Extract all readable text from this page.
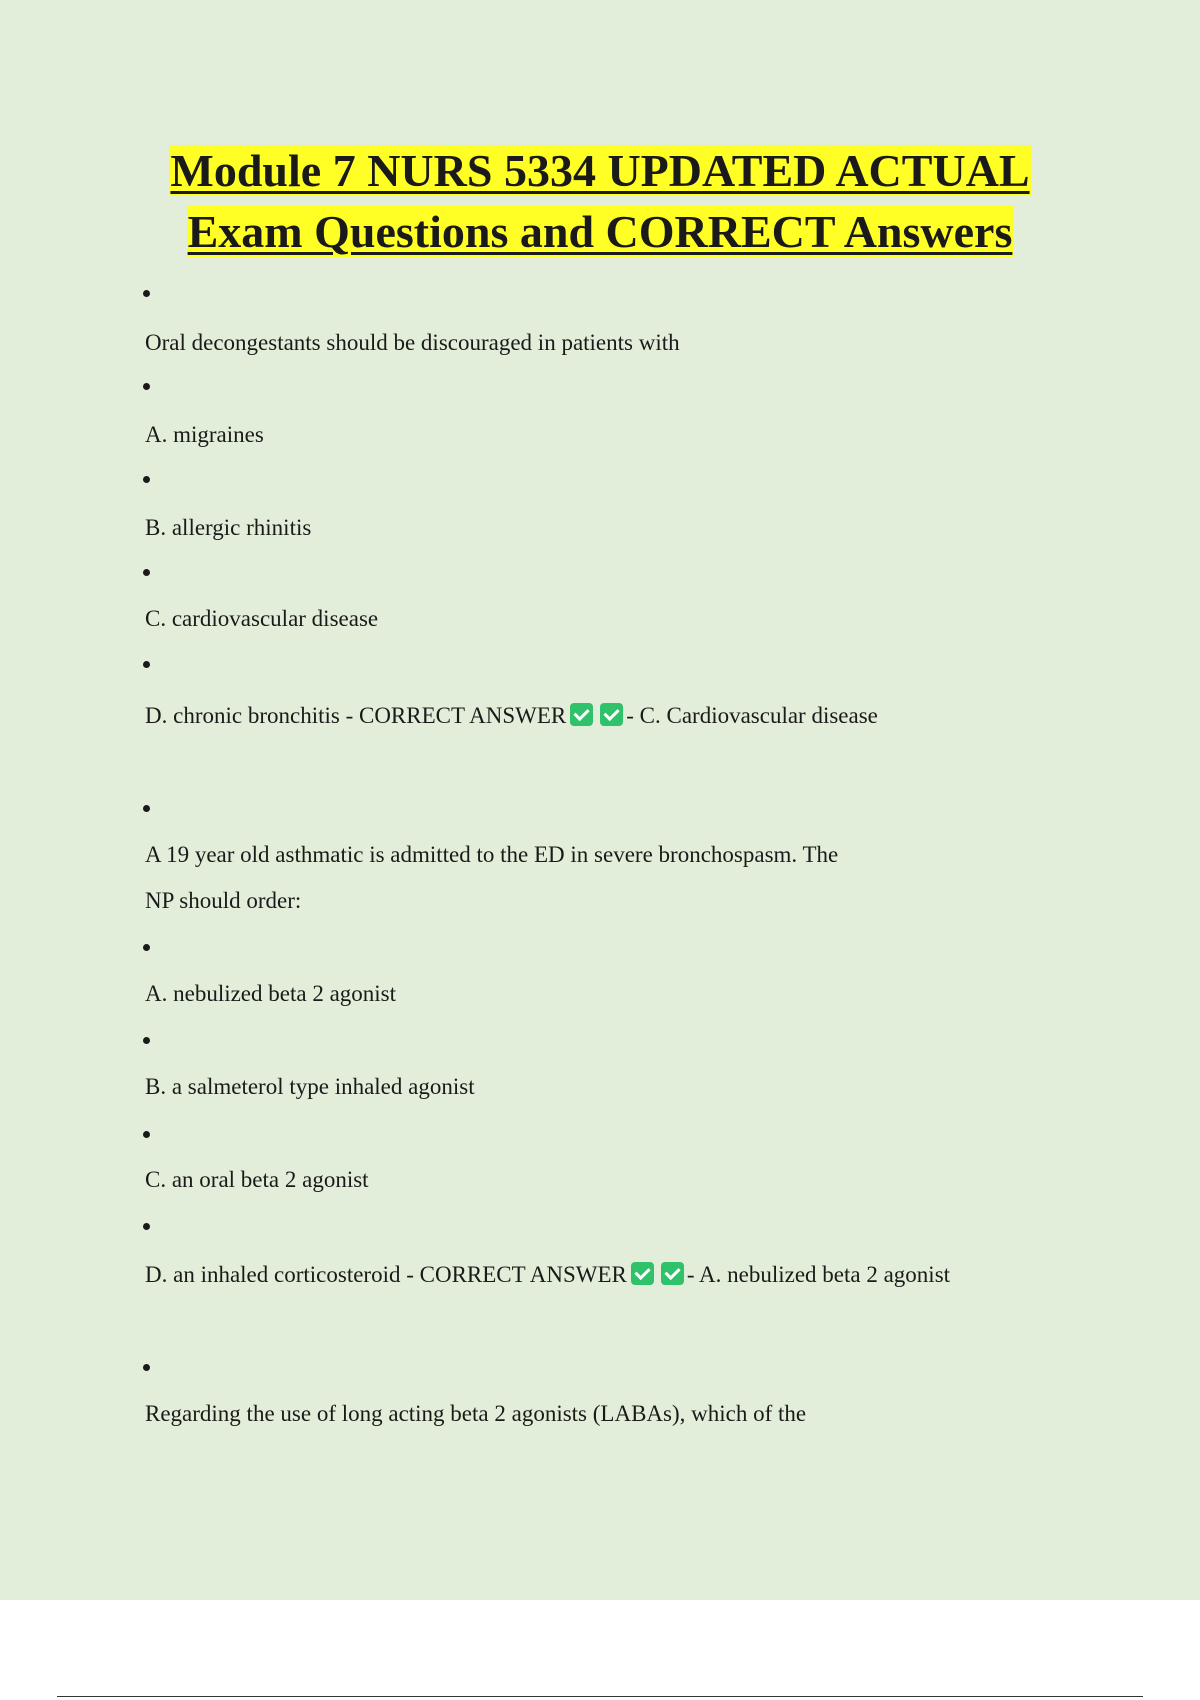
Module 7 NURS 5334 UPDATED ACTUAL
Exam Questions and CORRECT Answers
Oral decongestants should be discouraged in patients with
A. migraines
B. allergic rhinitis
C. cardiovascular disease
D. chronic bronchitis - CORRECT ANSWER	- C. Cardiovascular disease
A 19 year old asthmatic is admitted to the ED in severe bronchospasm. The
NP should order:
A. nebulized beta 2 agonist
B. a salmeterol type inhaled agonist
C. an oral beta 2 agonist
D. an inhaled corticosteroid - CORRECT ANSWER	- A. nebulized beta 2 agonist
Regarding the use of long acting beta 2 agonists (LABAs), which of the
